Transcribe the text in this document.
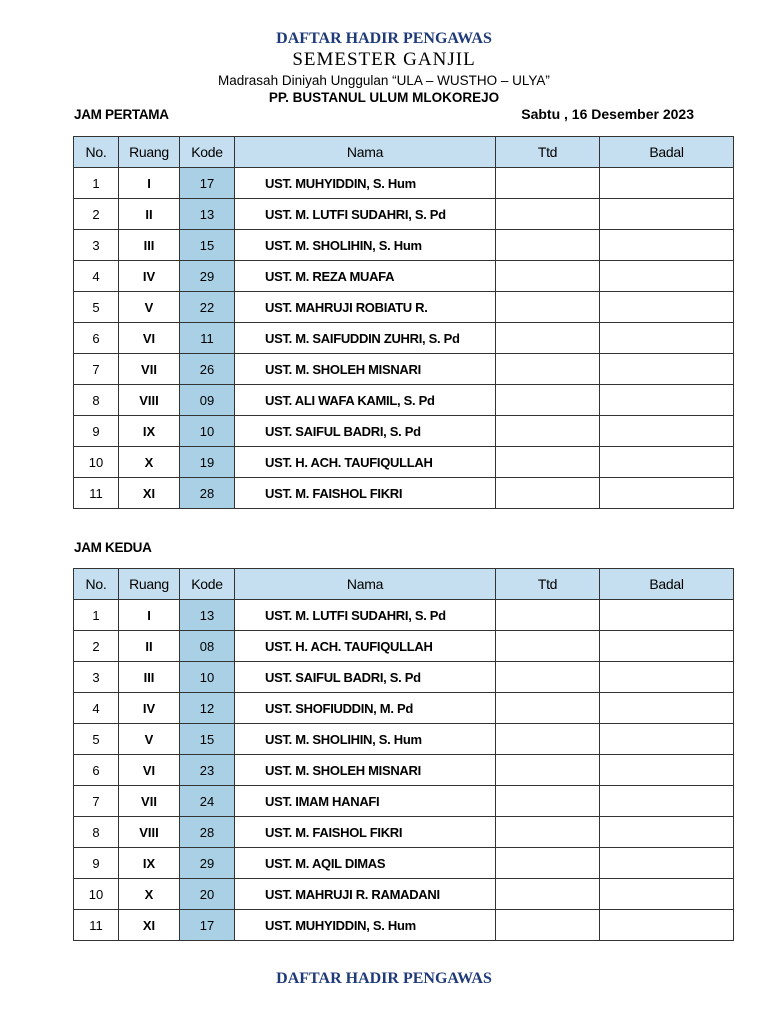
DAFTAR HADIR PENGAWAS
SEMESTER GANJIL
Madrasah Diniyah Unggulan “ULA – WUSTHO – ULYA”
PP. BUSTANUL ULUM MLOKOREJO
JAM PERTAMA	Sabtu , 16 Desember 2023
No.	Ruang	Kode	Nama	Ttd	Badal
1	I	17	UST. MUHYIDDIN, S. Hum		
2	II	13	UST. M. LUTFI SUDAHRI, S. Pd		
3	III	15	UST. M. SHOLIHIN, S. Hum		
4	IV	29	UST. M. REZA MUAFA		
5	V	22	UST. MAHRUJI ROBIATU R.		
6	VI	11	UST. M. SAIFUDDIN ZUHRI, S. Pd		
7	VII	26	UST. M. SHOLEH MISNARI		
8	VIII	09	UST. ALI WAFA KAMIL, S. Pd		
9	IX	10	UST. SAIFUL BADRI, S. Pd		
10	X	19	UST. H. ACH. TAUFIQULLAH		
11	XI	28	UST. M. FAISHOL FIKRI		
JAM KEDUA
No.	Ruang	Kode	Nama	Ttd	Badal
1	I	13	UST. M. LUTFI SUDAHRI, S. Pd		
2	II	08	UST. H. ACH. TAUFIQULLAH		
3	III	10	UST. SAIFUL BADRI, S. Pd		
4	IV	12	UST. SHOFIUDDIN, M. Pd		
5	V	15	UST. M. SHOLIHIN, S. Hum		
6	VI	23	UST. M. SHOLEH MISNARI		
7	VII	24	UST. IMAM HANAFI		
8	VIII	28	UST. M. FAISHOL FIKRI		
9	IX	29	UST. M. AQIL DIMAS		
10	X	20	UST. MAHRUJI R. RAMADANI		
11	XI	17	UST. MUHYIDDIN, S. Hum		
DAFTAR HADIR PENGAWAS
